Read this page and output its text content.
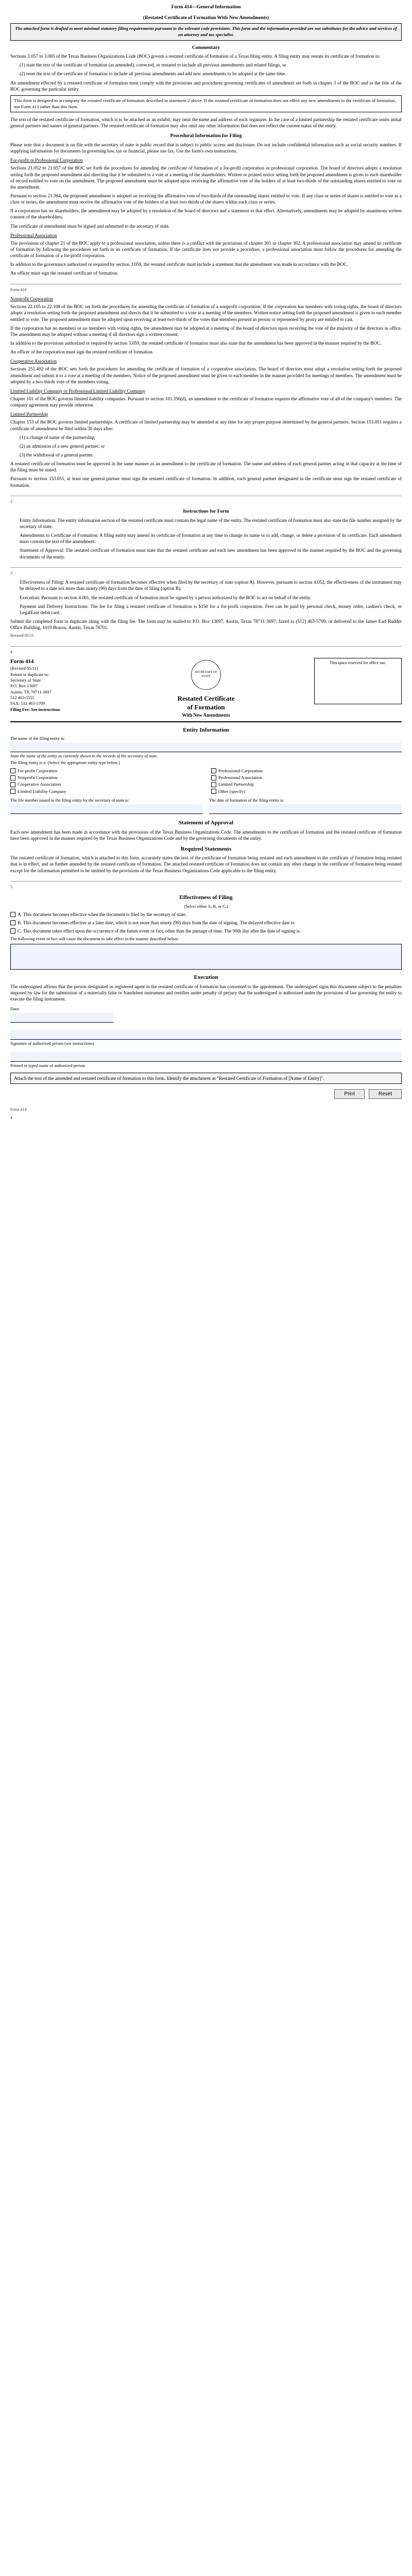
Form 414—General Information
(Restated Certificate of Formation With New Amendments)
The attached form is drafted to meet minimal statutory filing requirements pursuant to the relevant code provisions. This form and the information provided are not substitutes for the advice and services of an attorney and tax specialist.
Commentary

Sections 3.057 to 3.065 of the Texas Business Organizations Code (BOC) govern a restated certificate of formation of a Texas filing entity. A filing entity may restate its certificate of formation to:

(1) state the text of the certificate of formation (as amended), corrected, or restated to include all previous amendments and related filings, or

(2) reset the text of the certificate of formation to include all previous amendments and add new amendments to be adopted at the same time.

An amendment effected by a restated certificate of formation must comply with the provisions and procedures governing certificates of amendment set forth in chapter 3 of the BOC and in the title of the BOC governing the particular entity.

This form is designed to accompany the restated certificate of formation described in statement 2 above. If the restated certificate of formation does not effect any new amendments to the certificate of formation, use Form 413 rather than this form.

The text of the restated certificate of formation, which is to be attached as an exhibit, may omit the name and address of each organizer. In the case of a limited partnership the restated certificate omits initial general partners and names of general partners. The restated certificate of formation may also omit any other information that does not reflect the current status of the entity.

Procedural Information for Filing

Please note that a document is on file with the secretary of state is public record that is subject to public access and disclosure. Do not include confidential information such as social security numbers. If supplying information for documents in governing law, tax or financial, please use fax. Use the form's own instructions.

For-profit or Professional Corporation

Sections 21.052 to 21.057 of the BOC set forth the procedures for amending the certificate of formation of a for-profit corporation or professional corporation. The board of directors adopts a resolution setting forth the proposed amendment and directing that it be submitted to a vote at a meeting of the shareholders. Written or printed notice setting forth the proposed amendment is given to each shareholder of record entitled to vote on the amendment. The proposed amendment must be adopted upon receiving the affirmative vote of the holders of at least two-thirds of the outstanding shares entitled to vote on the amendment.

Pursuant to section 21.364, the proposed amendment is adopted on receiving the affirmative vote of two-thirds of the outstanding shares entitled to vote. If any class or series of shares is entitled to vote as a class or series, the amendment must receive the affirmative vote of the holders of at least two-thirds of the shares within each class or series.

If a corporation has no shareholders, the amendment may be adopted by a resolution of the board of directors and a statement to that effect. Alternatively, amendments may be adopted by unanimous written consent of the shareholders.

The certificate of amendment must be signed and submitted to the secretary of state.

Professional Association

The provisions of chapter 21 of the BOC apply to a professional association, unless there is a conflict with the provisions of chapter 301 or chapter 302. A professional association may amend its certificate of formation by following the procedures set forth in its certificate of formation. If the certificate does not provide a procedure, a professional association must follow the procedures for amending the certificate of formation of a for-profit corporation.

In addition to the governance authorized or required by section 3.059, the restated certificate must include a statement that the amendment was made in accordance with the BOC.

An officer must sign the restated certificate of formation.

Form 414
Nonprofit Corporation

Sections 22.105 to 22.108 of the BOC set forth the procedures for amending the certificate of formation of a nonprofit corporation. If the corporation has members with voting rights, the board of directors adopts a resolution setting forth the proposed amendment and directs that it be submitted to a vote at a meeting of the members. Written notice setting forth the proposed amendment is given to each member entitled to vote. The proposed amendment must be adopted upon receiving at least two-thirds of the votes that members present in person or represented by proxy are entitled to cast.

If the corporation has no members or no members with voting rights, the amendment may be adopted at a meeting of the board of directors upon receiving the vote of the majority of the directors in office. The amendment may be adopted without a meeting if all directors sign a written consent.

In addition to the provisions authorized or required by section 3.059, the restated certificate of formation must also state that the amendment has been approved in the manner required by the BOC.

An officer of the corporation must sign the restated certificate of formation.

Cooperative Association

Sections 251.402 of the BOC sets forth the procedures for amending the certificate of formation of a cooperative association. The board of directors must adopt a resolution setting forth the proposed amendment and submit it to a vote at a meeting of the members. Notice of the proposed amendment must be given to each member in the manner provided for meetings of members. The amendment must be adopted by a two-thirds vote of the members voting.

Limited Liability Company or Professional Limited Liability Company

Chapter 101 of the BOC governs limited liability companies. Pursuant to section 101.356(d), an amendment to the certificate of formation requires the affirmative vote of all of the company's members. The company agreement may provide otherwise.

Limited Partnership

Chapter 153 of the BOC governs limited partnerships. A certificate of limited partnership may be amended at any time for any proper purpose determined by the general partners. Section 153.051 requires a certificate of amendment be filed within 30 days after:

(1) a change of name of the partnership;

(2) an admission of a new general partner; or

(3) the withdrawal of a general partner.

A restated certificate of formation must be approved in the same manner as an amendment to the certificate of formation. The name and address of each general partner acting in that capacity at the time of the filing must be stated.

Pursuant to section 153.051, at least one general partner must sign the restated certificate of formation. In addition, each general partner designated in the certificate must sign the restated certificate of formation.

2
Instructions for Form

Entity Information: The entity information section of the restated certificate must contain the legal name of the entity. The restated certificate of formation must also state the file number assigned by the secretary of state.

Amendments to Certificate of Formation: A filing entity may amend its certificate of formation at any time to change its name or to add, change, or delete a provision of its certificate. Each amendment must contain the text of the amendment.

Statement of Approval: The restated certificate of formation must state that the restated certificate and each new amendment has been approved in the manner required by the BOC and the governing documents of the entity.

3

Effectiveness of Filing: A restated certificate of formation becomes effective when filed by the secretary of state (option A). However, pursuant to section 4.052, the effectiveness of the instrument may be delayed to a date not more than ninety (90) days from the date of filing (option B).

Execution: Pursuant to section 4.001, the restated certificate of formation must be signed by a person authorized by the BOC to act on behalf of the entity.

Payment and Delivery Instructions: The fee for filing a restated certificate of formation is $150 for a for-profit corporation. Fees can be paid by personal check, money order, cashier's check, or LegalEase debit card.

Submit the completed form in duplicate along with the filing fee. The form may be mailed to P.O. Box 13697, Austin, Texas 78711-3697; faxed to (512) 463-5709; or delivered to the James Earl Rudder Office Building, 1019 Brazos, Austin, Texas 78701.

Revised 05/11
4
Form 414
(Revised 05/11)
Return in duplicate to:
Secretary of State
P.O. Box 13697
Austin, TX 78711-3697
512 463-5555
FAX: 512 463-5709
Filing Fee: See instructions
SECRETARY OF STATE
Restated Certificate
of Formation
With New Amendments
This space reserved for office use.
Entity Information
The name of the filing entity is:
State the name of the entity as currently shown in the records of the secretary of state.
The filing entity is a: (Select the appropriate entity type below.)
For-profit Corporation	Professional Corporation
Nonprofit Corporation	Professional Association
Cooperative Association	Limited Partnership
Limited Liability Company	Other (specify)
The file number issued to the filing entity by the secretary of state is:	The date of formation of the filing entity is:
Statement of Approval

Each new amendment has been made in accordance with the provisions of the Texas Business Organizations Code. The amendments to the certificate of formation and the restated certificate of formation have been approved in the manner required by the Texas Business Organizations Code and by the governing documents of the entity.

Required Statements

The restated certificate of formation, which is attached to this form, accurately states the text of the certificate of formation being restated and each amendment to the certificate of formation being restated that is in effect, and as further amended by the restated certificate of formation. The attached restated certificate of formation does not contain any other change in the certificate of formation being restated except for the information permitted to be omitted by the provisions of the Texas Business Organizations Code applicable to the filing entity.

5
Effectiveness of Filing
(Select either A, B, or C.)
A. This document becomes effective when the document is filed by the secretary of state.
B. This document becomes effective at a later date, which is not more than ninety (90) days from the date of signing. The delayed effective date is:
C. This document takes effect upon the occurrence of the future event or fact, other than the passage of time. The 90th day after the date of signing is:
The following event or fact will cause the document to take effect in the manner described below:
Execution

The undersigned affirms that the person designated as registered agent in the restated certificate of formation has consented to the appointment. The undersigned signs this document subject to the penalties imposed by law for the submission of a materially false or fraudulent instrument and certifies under penalty of perjury that the undersigned is authorized under the provisions of law governing the entity to execute the filing instrument.

Date:
Signature of authorized person (see instructions)
Printed or typed name of authorized person
Attach the text of the amended and restated certificate of formation to this form. Identify the attachment as "Restated Certificate of Formation of [Name of Entity]".
Print	Reset
Form 414
4
